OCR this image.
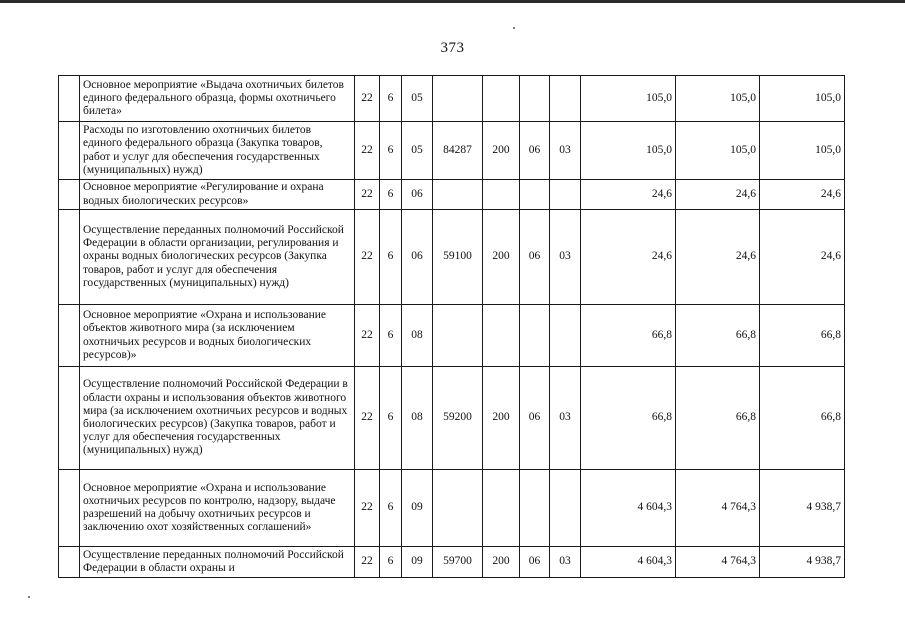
373
	Основное мероприятие «Выдача охотничьих билетов единого федерального образца, формы охотничьего билета»	22	6	05					105,0	105,0	105,0
	Расходы по изготовлению охотничьих билетов единого федерального образца (Закупка товаров, работ и услуг для обеспечения государственных (муниципальных) нужд)	22	6	05	84287	200	06	03	105,0	105,0	105,0
	Основное мероприятие «Регулирование и охрана водных биологических ресурсов»	22	6	06					24,6	24,6	24,6
	Осуществление переданных полномочий Российской Федерации в области организации, регулирования и охраны водных биологических ресурсов (Закупка товаров, работ и услуг для обеспечения государственных (муниципальных) нужд)	22	6	06	59100	200	06	03	24,6	24,6	24,6
	Основное мероприятие «Охрана и использование объектов животного мира (за исключением охотничьих ресурсов и водных биологических ресурсов)»	22	6	08					66,8	66,8	66,8
	Осуществление полномочий Российской Федерации в области охраны и использования объектов животного мира (за исключением охотничьих ресурсов и водных биологических ресурсов) (Закупка товаров, работ и услуг для обеспечения государственных (муниципальных) нужд)	22	6	08	59200	200	06	03	66,8	66,8	66,8
	Основное мероприятие «Охрана и использование охотничьих ресурсов по контролю, надзору, выдаче разрешений на добычу охотничьих ресурсов и заключению охот хозяйственных соглашений»	22	6	09					4 604,3	4 764,3	4 938,7
	Осуществление переданных полномочий Российской Федерации в области охраны и	22	6	09	59700	200	06	03	4 604,3	4 764,3	4 938,7
